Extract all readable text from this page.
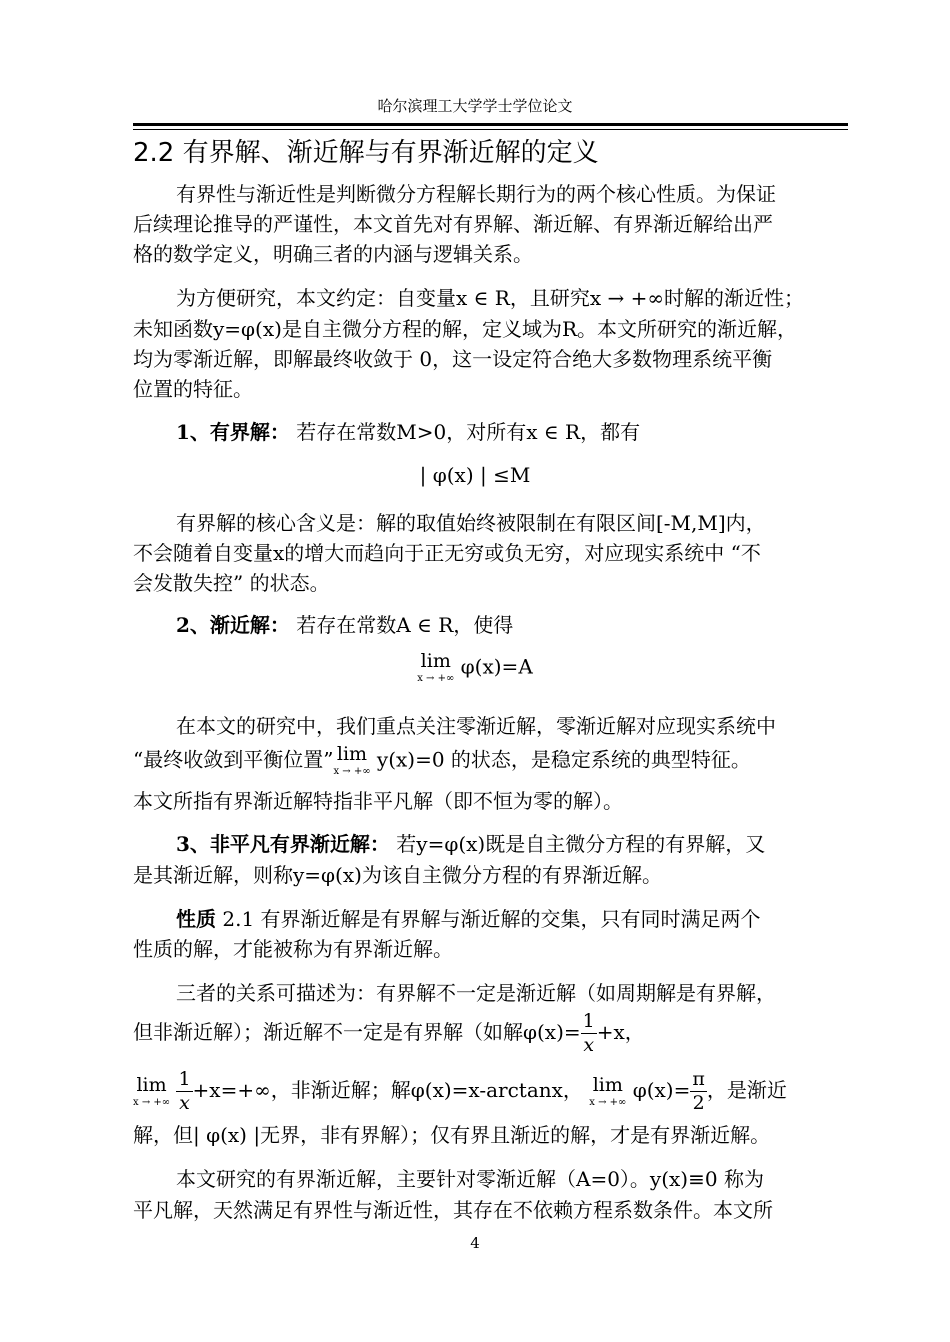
哈尔滨理工大学学士学位论文
2.2 有界解、渐近解与有界渐近解的定义
有界性与渐近性是判断微分方程解长期行为的两个核心性质。为保证
后续理论推导的严谨性，本文首先对有界解、渐近解、有界渐近解给出严
格的数学定义，明确三者的内涵与逻辑关系。
为方便研究，本文约定：自变量x ∈ R，且研究x → +∞时解的渐近性；
未知函数y=φ(x)是自主微分方程的解，定义域为R。本文所研究的渐近解，
均为零渐近解，即解最终收敛于 0，这一设定符合绝大多数物理系统平衡
位置的特征。
1、有界解： 若存在常数M>0，对所有x ∈ R，都有
| φ(x) | ≤M
有界解的核心含义是：解的取值始终被限制在有限区间[-M,M]内，
不会随着自变量x的增大而趋向于正无穷或负无穷，对应现实系统中 “不
会发散失控” 的状态。
2、渐近解： 若存在常数A ∈ R，使得
lim
x → +∞ φ(x)=A
在本文的研究中，我们重点关注零渐近解，零渐近解对应现实系统中
“最终收敛到平衡位置” lim
x → +∞ y(x)=0 的状态，是稳定系统的典型特征。
本文所指有界渐近解特指非平凡解（即不恒为零的解）。
3、非平凡有界渐近解： 若y=φ(x)既是自主微分方程的有界解，又
是其渐近解，则称y=φ(x)为该自主微分方程的有界渐近解。
性质 2.1 有界渐近解是有界解与渐近解的交集，只有同时满足两个
性质的解，才能被称为有界渐近解。
三者的关系可描述为：有界解不一定是渐近解（如周期解是有界解，
但非渐近解）；渐近解不一定是有界解（如解$\varphi(x)= \frac{1}{x} +x$，
lim
x → +∞
$\frac{1}{x} +x=+\infty$，非渐近解；解φ(x)=x-arctanx， lim
x → +∞ $\varphi(x)= \frac{\pi}{2}$ ，是渐近
解，但| φ(x) |无界，非有界解）；仅有界且渐近的解，才是有界渐近解。
本文研究的有界渐近解，主要针对零渐近解（A=0）。y(x)≡0 称为
平凡解，天然满足有界性与渐近性，其存在不依赖方程系数条件。本文所
4
